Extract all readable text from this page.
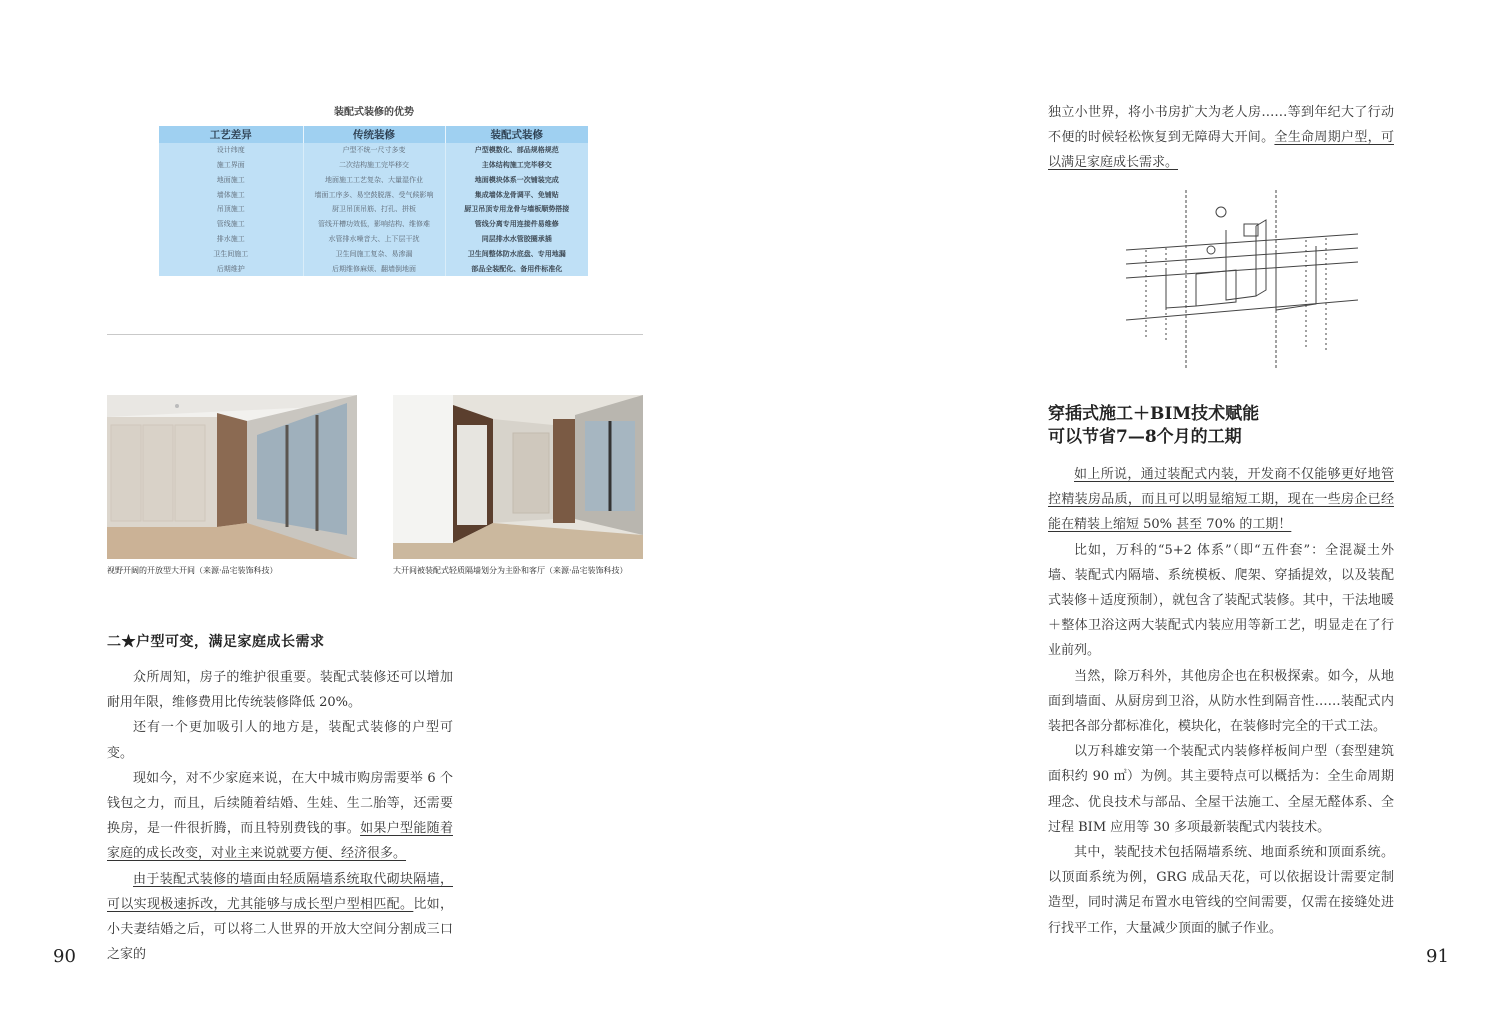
装配式装修的优势
工艺差异	传统装修	装配式装修
设计纬度	户型不统一尺寸多变	户型模数化、部品规格规范
施工界面	二次结构施工完毕移交	主体结构施工完毕移交
地面施工	地面施工工艺复杂、大量湿作业	地面模块体系一次铺装完成
墙体施工	墙面工序多、易空鼓脱落、受气候影响	集成墙体龙骨调平、免铺贴
吊顶施工	厨卫吊顶吊筋、打孔、拼板	厨卫吊顶专用龙骨与墙板顺势搭接
管线施工	管线开槽功效低，影响结构、维修难	管线分离专用连接件易维修
排水施工	水管排水噪音大、上下层干扰	同层排水水管胶圈承插
卫生间施工	卫生间施工复杂、易渗漏	卫生间整体防水底盘、专用地漏
后期维护	后期维修麻烦、翻墙倒地面	部品全装配化、备用件标准化
视野开阔的开放型大开间（来源·品宅装饰科技）	大开间被装配式轻质隔墙划分为主卧和客厅（来源·品宅装饰科技）
二★户型可变，满足家庭成长需求

众所周知，房子的维护很重要。装配式装修还可以增加耐用年限，维修费用比传统装修降低 20%。

还有一个更加吸引人的地方是，装配式装修的户型可变。

现如今，对不少家庭来说，在大中城市购房需要举 6 个钱包之力，而且，后续随着结婚、生娃、生二胎等，还需要换房，是一件很折腾，而且特别费钱的事。如果户型能随着家庭的成长改变，对业主来说就要方便、经济很多。

由于装配式装修的墙面由轻质隔墙系统取代砌块隔墙，可以实现极速拆改，尤其能够与成长型户型相匹配。比如，小夫妻结婚之后，可以将二人世界的开放大空间分割成三口之家的

90

独立小世界，将小书房扩大为老人房……等到年纪大了行动不便的时候轻松恢复到无障碍大开间。全生命周期户型，可以满足家庭成长需求。

穿插式施工＋BIM技术赋能
可以节省7—8个月的工期

如上所说，通过装配式内装，开发商不仅能够更好地管控精装房品质，而且可以明显缩短工期，现在一些房企已经能在精装上缩短 50% 甚至 70% 的工期！

比如，万科的“5+2 体系”（即“五件套”：全混凝土外墙、装配式内隔墙、系统模板、爬架、穿插提效，以及装配式装修＋适度预制），就包含了装配式装修。其中，干法地暖＋整体卫浴这两大装配式内装应用等新工艺，明显走在了行业前列。

当然，除万科外，其他房企也在积极探索。如今，从地面到墙面、从厨房到卫浴，从防水性到隔音性……装配式内装把各部分都标准化，模块化，在装修时完全的干式工法。

以万科雄安第一个装配式内装修样板间户型（套型建筑面积约 90 ㎡）为例。其主要特点可以概括为：全生命周期理念、优良技术与部品、全屋干法施工、全屋无醛体系、全过程 BIM 应用等 30 多项最新装配式内装技术。

其中，装配技术包括隔墙系统、地面系统和顶面系统。以顶面系统为例，GRG 成品天花，可以依据设计需要定制造型，同时满足布置水电管线的空间需要，仅需在接缝处进行找平工作，大量减少顶面的腻子作业。

91
